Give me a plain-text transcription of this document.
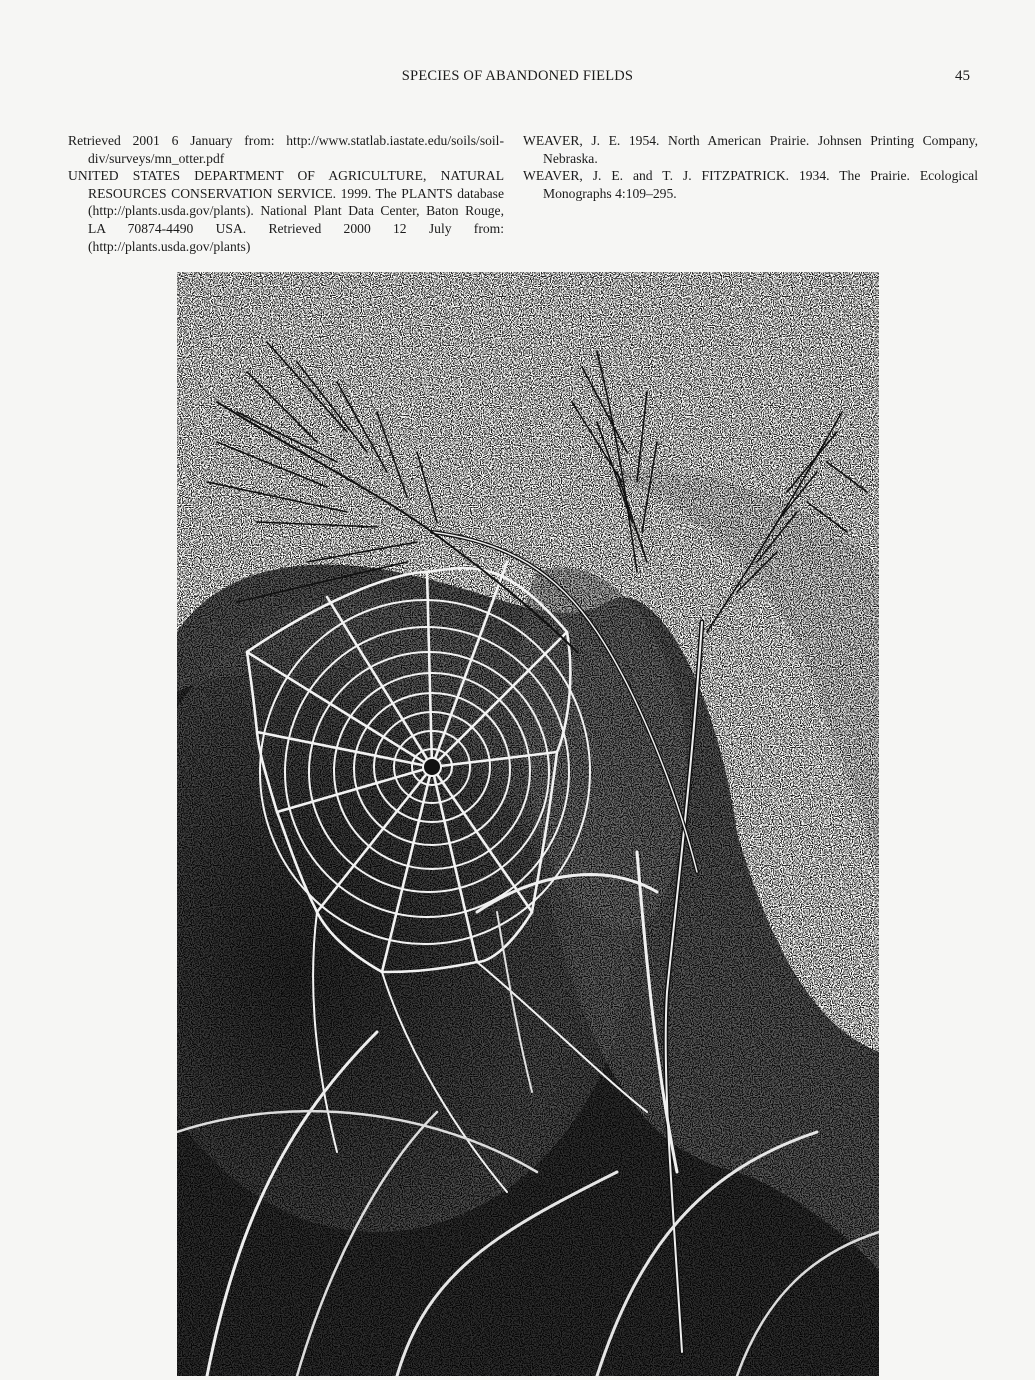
SPECIES OF ABANDONED FIELDS	45

Retrieved 2001 6 January from: http://www.statlab.iastate.edu/soils/soil-div/surveys/mn_otter.pdf

UNITED STATES DEPARTMENT OF AGRICULTURE, NATURAL RESOURCES CONSERVATION SERVICE. 1999. The PLANTS database (http://plants.usda.gov/plants). National Plant Data Center, Baton Rouge, LA 70874-4490 USA. Retrieved 2000 12 July from: (http://plants.usda.gov/plants)

WEAVER, J. E. 1954. North American Prairie. Johnsen Printing Company, Nebraska.

WEAVER, J. E. and T. J. FITZPATRICK. 1934. The Prairie. Ecological Monographs 4:109–295.
